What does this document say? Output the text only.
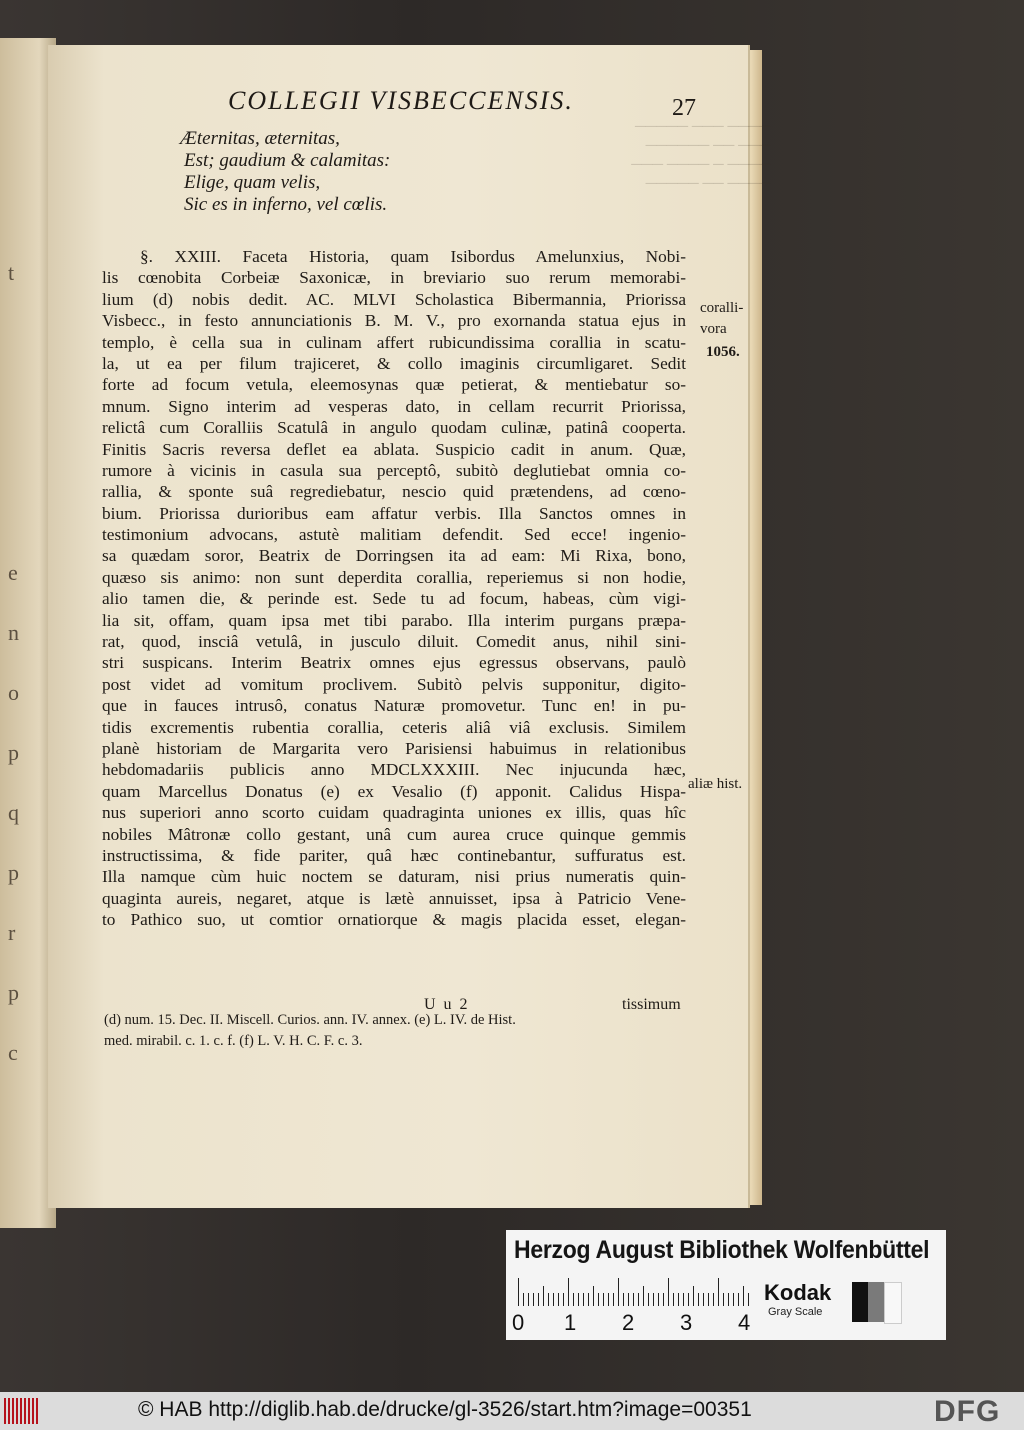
t
e
n
o
p
q
p
r
p
c
──── ─── ─────
─── ── ──────
──── ─ ──── ───
──── ── ─────
COLLEGII VISBECCENSIS.	27
Æternitas, æternitas,
Est; gaudium & calamitas:
Elige, quam velis,
Sic es in inferno, vel cœlis.
§. XXIII. Faceta Historia, quam Isibordus Amelunxius, Nobi-
lis cœnobita Corbeiæ Saxonicæ, in breviario suo rerum memorabi-
lium (d) nobis dedit. AC. MLVI Scholastica Bibermannia, Priorissa
Visbecc., in festo annunciationis B. M. V., pro exornanda statua ejus in
templo, è cella sua in culinam affert rubicundissima corallia in scatu-
la, ut ea per filum trajiceret, & collo imaginis circumligaret. Sedit
forte ad focum vetula, eleemosynas quæ petierat, & mentiebatur so-
mnum. Signo interim ad vesperas dato, in cellam recurrit Priorissa,
relictâ cum Coralliis Scatulâ in angulo quodam culinæ, patinâ cooperta.
Finitis Sacris reversa deflet ea ablata. Suspicio cadit in anum. Quæ,
rumore à vicinis in casula sua perceptô, subitò deglutiebat omnia co-
rallia, & sponte suâ regrediebatur, nescio quid prætendens, ad cœno-
bium. Priorissa durioribus eam affatur verbis. Illa Sanctos omnes in
testimonium advocans, astutè malitiam defendit. Sed ecce! ingenio-
sa quædam soror, Beatrix de Dorringsen ita ad eam: Mi Rixa, bono,
quæso sis animo: non sunt deperdita corallia, reperiemus si non hodie,
alio tamen die, & perinde est. Sede tu ad focum, habeas, cùm vigi-
lia sit, offam, quam ipsa met tibi parabo. Illa interim purgans præpa-
rat, quod, insciâ vetulâ, in jusculo diluit. Comedit anus, nihil sini-
stri suspicans. Interim Beatrix omnes ejus egressus observans, paulò
post videt ad vomitum proclivem. Subitò pelvis supponitur, digito-
que in fauces intrusô, conatus Naturæ promovetur. Tunc en! in pu-
tidis excrementis rubentia corallia, ceteris aliâ viâ exclusis. Similem
planè historiam de Margarita vero Parisiensi habuimus in relationibus
hebdomadariis publicis anno MDCLXXXIII. Nec injucunda hæc,
quam Marcellus Donatus (e) ex Vesalio (f) apponit. Calidus Hispa-
nus superiori anno scorto cuidam quadraginta uniones ex illis, quas hîc
nobiles Mâtronæ collo gestant, unâ cum aurea cruce quinque gemmis
instructissima, & fide pariter, quâ hæc continebantur, suffuratus est.
Illa namque cùm huic noctem se daturam, nisi prius numeratis quin-
quaginta aureis, negaret, atque is lætè annuisset, ipsa à Patricio Vene-
to Pathico suo, ut comtior ornatiorque & magis placida esset, elegan-
coralli-
vora
1056.
aliæ hist.
U u 2	tissimum
(d) num. 15. Dec. II. Miscell. Curios. ann. IV. annex. (e) L. IV. de Hist.
med. mirabil. c. 1. c. f. (f) L. V. H. C. F. c. 3.
Herzog August Bibliothek Wolfenbüttel
0 1 2 3 4
Kodak
Gray Scale
© HAB http://diglib.hab.de/drucke/gl-3526/start.htm?image=00351	DFG
